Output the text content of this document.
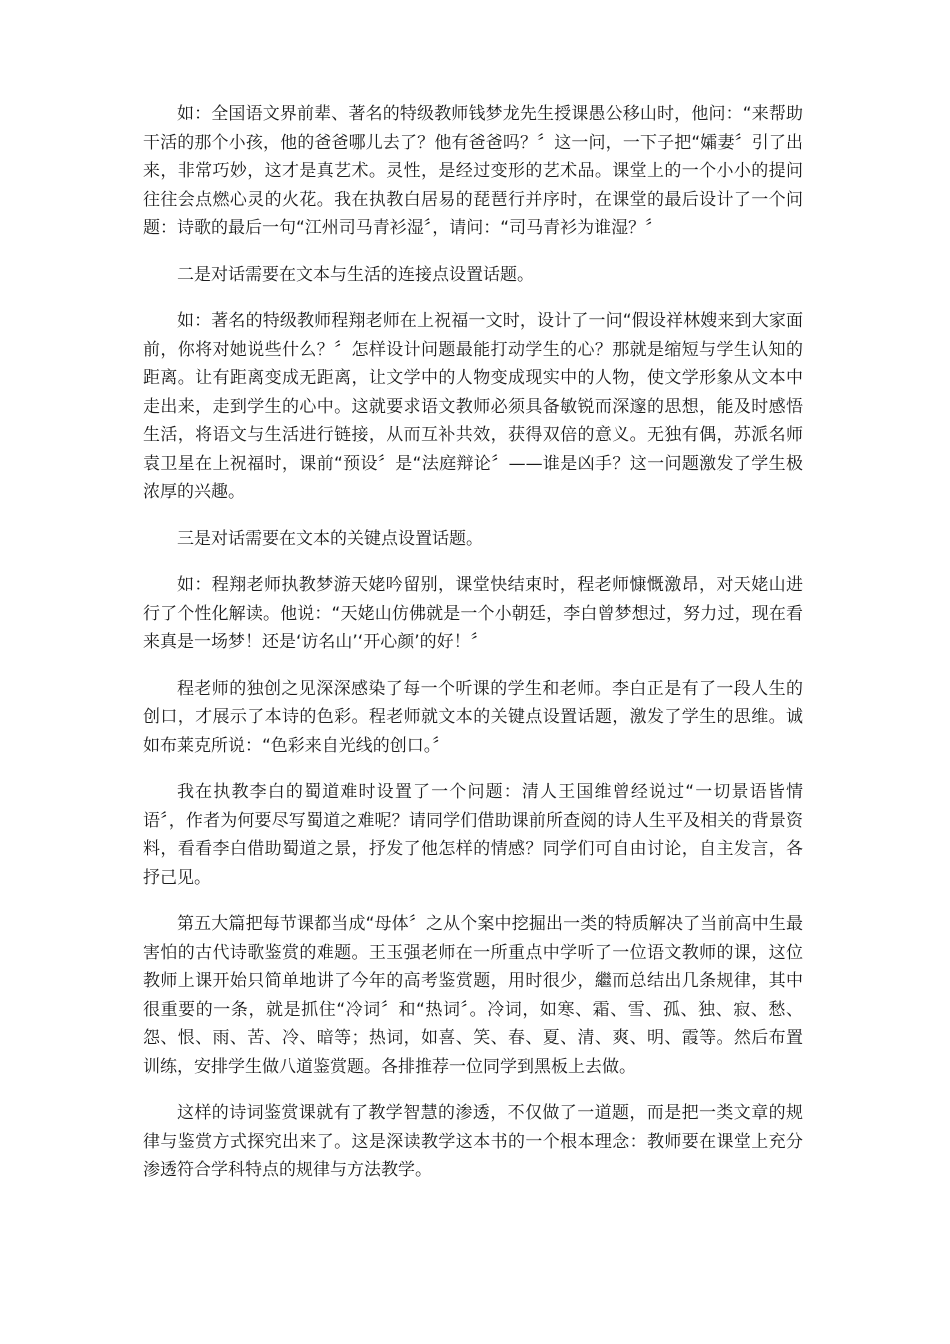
如：全国语文界前辈、著名的特级教师钱梦龙先生授课愚公移山时，他问：“来帮助干活的那个小孩，他的爸爸哪儿去了？他有爸爸吗？〞这一问，一下子把“孀妻〞引了出来，非常巧妙，这才是真艺术。灵性，是经过变形的艺术品。课堂上的一个小小的提问往往会点燃心灵的火花。我在执教白居易的琵琶行并序时，在课堂的最后设计了一个问题：诗歌的最后一句“江州司马青衫湿〞，请问：“司马青衫为谁湿？〞

二是对话需要在文本与生活的连接点设置话题。

如：著名的特级教师程翔老师在上祝福一文时，设计了一问“假设祥林嫂来到大家面前，你将对她说些什么？〞怎样设计问题最能打动学生的心？那就是缩短与学生认知的距离。让有距离变成无距离，让文学中的人物变成现实中的人物，使文学形象从文本中走出来，走到学生的心中。这就要求语文教师必须具备敏锐而深邃的思想，能及时感悟生活，将语文与生活进行链接，从而互补共效，获得双倍的意义。无独有偶，苏派名师袁卫星在上祝福时，课前“预设〞是“法庭辩论〞——谁是凶手？这一问题激发了学生极浓厚的兴趣。

三是对话需要在文本的关键点设置话题。

如：程翔老师执教梦游天姥吟留别，课堂快结束时，程老师慷慨激昂，对天姥山进行了个性化解读。他说：“天姥山仿佛就是一个小朝廷，李白曾梦想过，努力过，现在看来真是一场梦！还是‘访名山’‘开心颜’的好！〞

程老师的独创之见深深感染了每一个听课的学生和老师。李白正是有了一段人生的创口，才展示了本诗的色彩。程老师就文本的关键点设置话题，激发了学生的思维。诚如布莱克所说：“色彩来自光线的创口。〞

我在执教李白的蜀道难时设置了一个问题：清人王国维曾经说过“一切景语皆情语〞，作者为何要尽写蜀道之难呢？请同学们借助课前所查阅的诗人生平及相关的背景资料，看看李白借助蜀道之景，抒发了他怎样的情感？同学们可自由讨论，自主发言，各抒己见。

第五大篇把每节课都当成“母体〞之从个案中挖掘出一类的特质解决了当前高中生最害怕的古代诗歌鉴赏的难题。王玉强老师在一所重点中学听了一位语文教师的课，这位教师上课开始只简单地讲了今年的高考鉴赏题，用时很少，繼而总结出几条规律，其中很重要的一条，就是抓住“冷词〞和“热词〞。冷词，如寒、霜、雪、孤、独、寂、愁、怨、恨、雨、苦、冷、暗等；热词，如喜、笑、春、夏、清、爽、明、霞等。然后布置训练，安排学生做八道鉴赏题。各排推荐一位同学到黑板上去做。

这样的诗词鉴赏课就有了教学智慧的渗透，不仅做了一道题，而是把一类文章的规律与鉴赏方式探究出来了。这是深读教学这本书的一个根本理念：教师要在课堂上充分渗透符合学科特点的规律与方法教学。
